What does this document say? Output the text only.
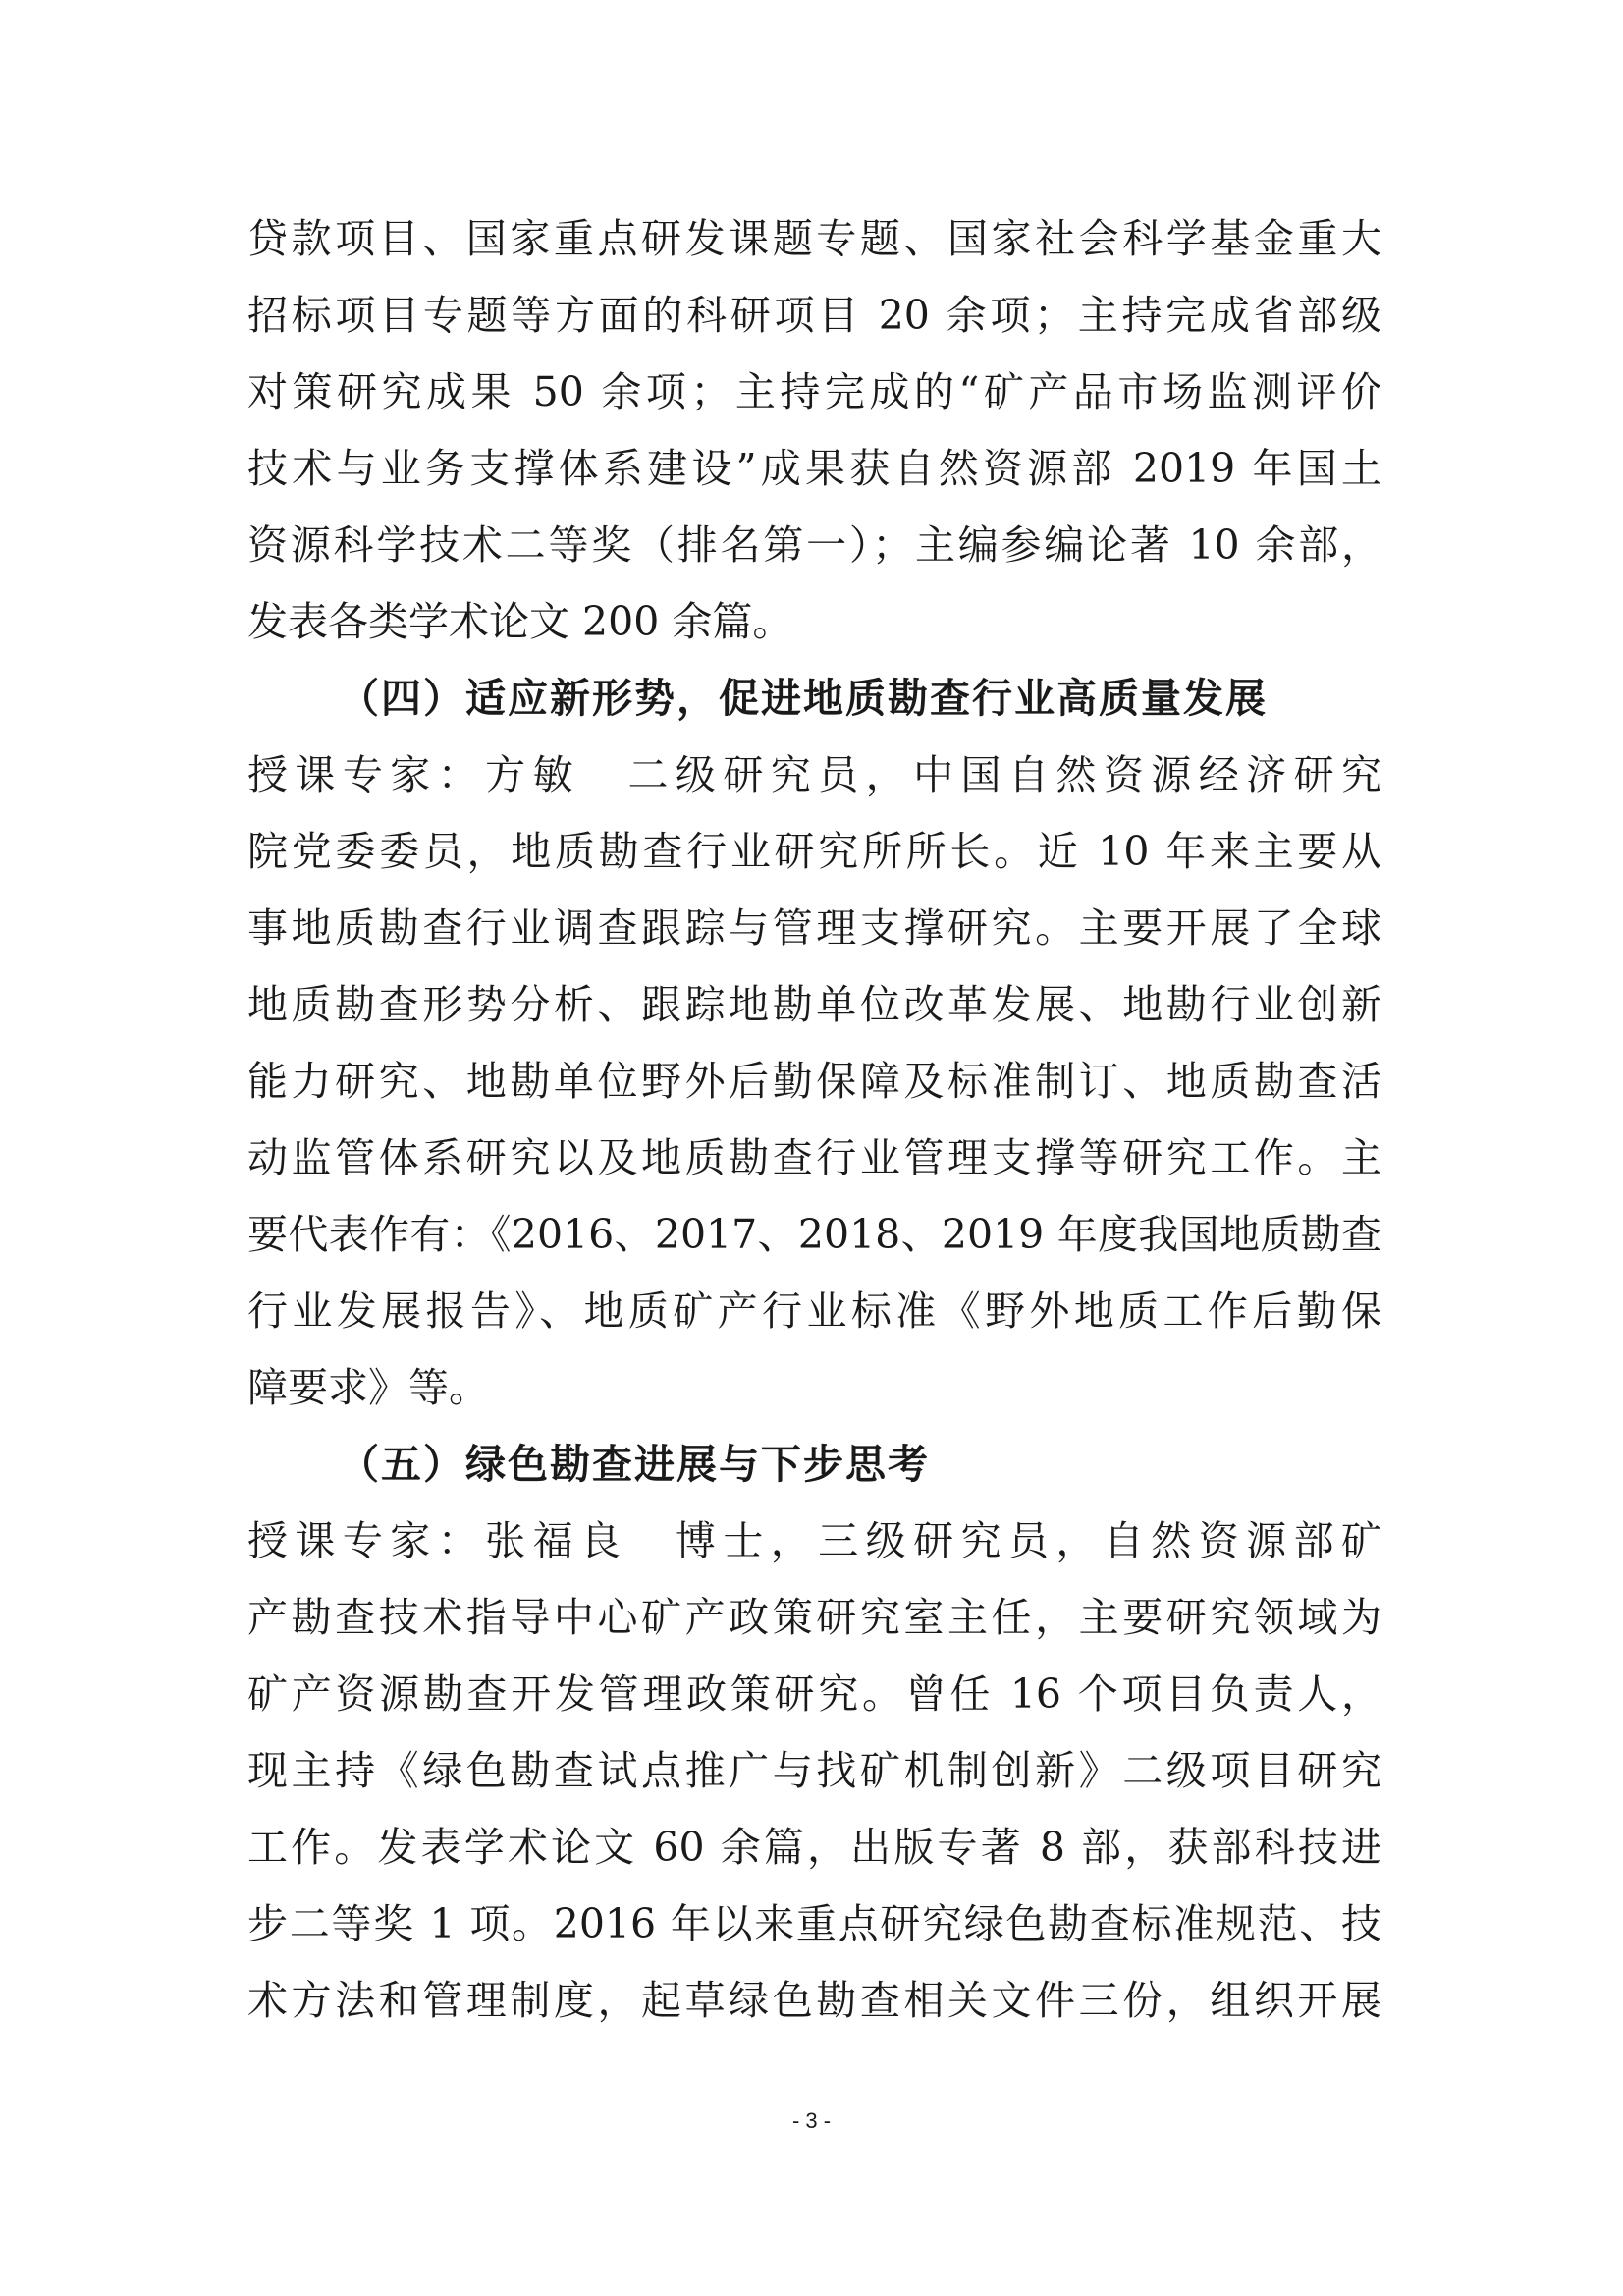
贷款项目、国家重点研发课题专题、国家社会科学基金重大
招标项目专题等方面的科研项目 20 余项；主持完成省部级
对策研究成果 50 余项；主持完成的“矿产品市场监测评价
技术与业务支撑体系建设”成果获自然资源部 2019 年国土
资源科学技术二等奖（排名第一）；主编参编论著 10 余部，
发表各类学术论文 200 余篇。
（四）适应新形势，促进地质勘查行业高质量发展
授课专家：方敏　二级研究员，中国自然资源经济研究
院党委委员，地质勘查行业研究所所长。近 10 年来主要从
事地质勘查行业调查跟踪与管理支撑研究。主要开展了全球
地质勘查形势分析、跟踪地勘单位改革发展、地勘行业创新
能力研究、地勘单位野外后勤保障及标准制订、地质勘查活
动监管体系研究以及地质勘查行业管理支撑等研究工作。主
要代表作有：《2016、2017、2018、2019 年度我国地质勘查
行业发展报告》、地质矿产行业标准《野外地质工作后勤保
障要求》等。
（五）绿色勘查进展与下步思考
授课专家：张福良　博士，三级研究员，自然资源部矿
产勘查技术指导中心矿产政策研究室主任，主要研究领域为
矿产资源勘查开发管理政策研究。曾任 16 个项目负责人，
现主持《绿色勘查试点推广与找矿机制创新》二级项目研究
工作。发表学术论文 60 余篇，出版专著 8 部，获部科技进
步二等奖 1 项。2016 年以来重点研究绿色勘查标准规范、技
术方法和管理制度，起草绿色勘查相关文件三份，组织开展
- 3 -
